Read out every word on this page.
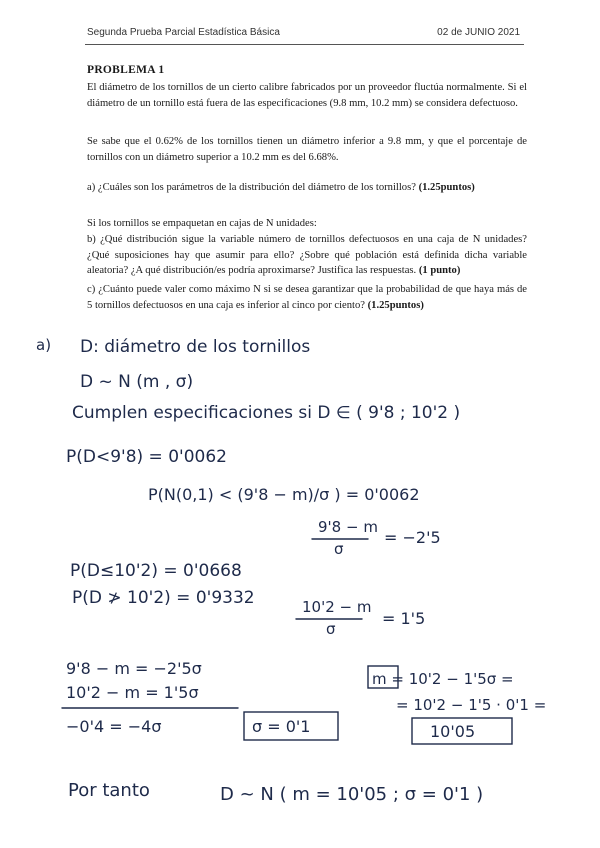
Segunda Prueba Parcial Estadística Básica	02 de JUNIO 2021
PROBLEMA 1
El diámetro de los tornillos de un cierto calibre fabricados por un proveedor fluctúa normalmente. Si el diámetro de un tornillo está fuera de las especificaciones (9.8 mm, 10.2 mm) se considera defectuoso.
Se sabe que el 0.62% de los tornillos tienen un diámetro inferior a 9.8 mm, y que el porcentaje de tornillos con un diámetro superior a 10.2 mm es del 6.68%.
a) ¿Cuáles son los parámetros de la distribución del diámetro de los tornillos? (1.25puntos)
Si los tornillos se empaquetan en cajas de N unidades:
b) ¿Qué distribución sigue la variable número de tornillos defectuosos en una caja de N unidades? ¿Qué suposiciones hay que asumir para ello? ¿Sobre qué población está definida dicha variable aleatoria? ¿A qué distribución/es podría aproximarse? Justifica las respuestas. (1 punto)
c) ¿Cuánto puede valer como máximo N si se desea garantizar que la probabilidad de que haya más de 5 tornillos defectuosos en una caja es inferior al cinco por ciento? (1.25puntos)
a) D: diámetro de los tornillos
D ~ N (m , σ)
Cumplen especificaciones si D ∈ ( 9'8 ; 10'2 )
P(D<9'8) = 0'0062
P(N(0,1) < (9'8 − m)/σ ) = 0'0062
9'8 − m
σ
= −2'5
P(D≤10'2) = 0'0668
P(D ≯ 10'2) = 0'9332	10'2 − m
σ
= 1'5
9'8 − m = −2'5σ
10'2 − m = 1'5σ
−0'4 = −4σ	σ = 0'1
m = 10'2 − 1'5σ =
= 10'2 − 1'5 · 0'1 =
10'05
Por tanto	D ~ N ( m = 10'05 ; σ = 0'1 )
